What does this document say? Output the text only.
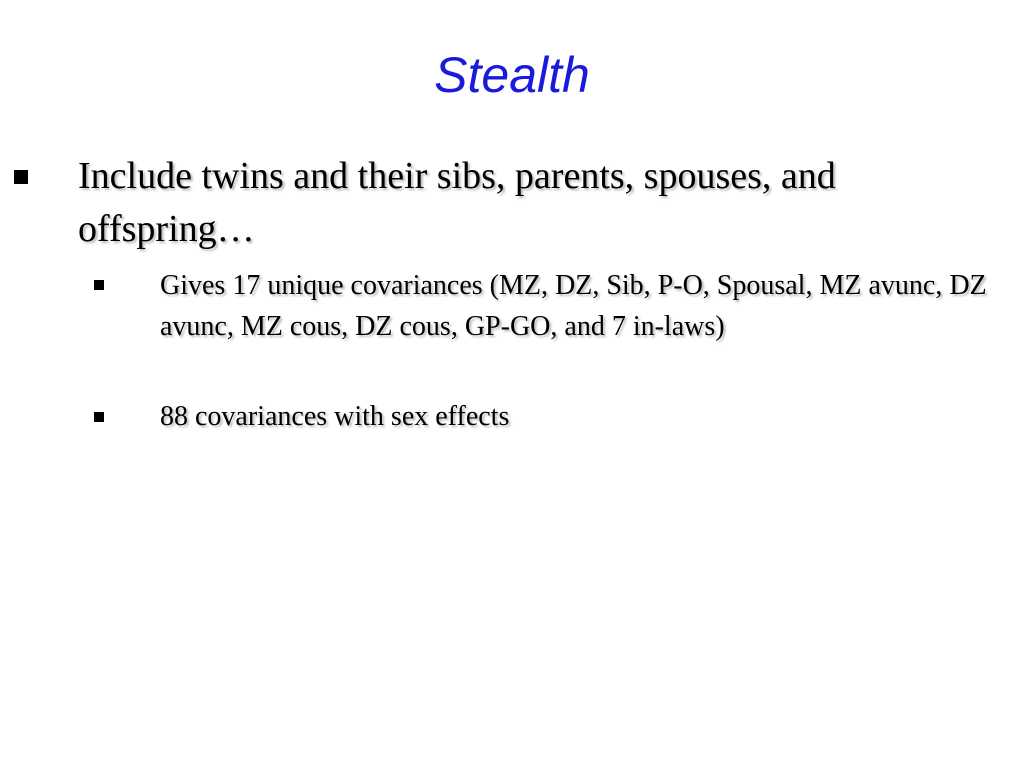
Stealth
Include twins and their sibs, parents, spouses, and offspring…
Gives 17 unique covariances (MZ, DZ, Sib, P-O, Spousal, MZ avunc, DZ avunc, MZ cous, DZ cous, GP-GO, and 7 in-laws)
88 covariances with sex effects
